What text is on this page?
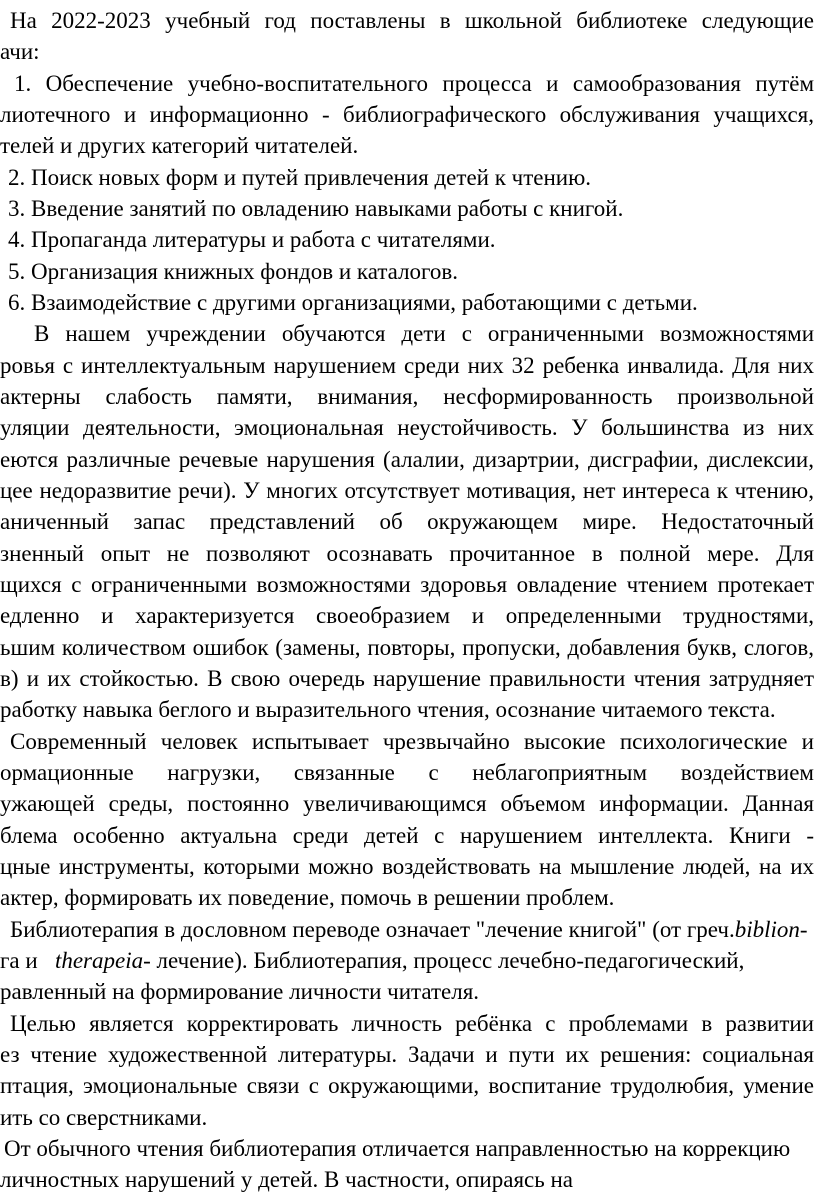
На 2022-2023 учебный год поставлены в школьной библиотеке следующие
ачи:
1. Обеспечение учебно-воспитательного процесса и самообразования путём
лиотечного и информационно - библиографического обслуживания учащихся,
телей и других категорий читателей.
2. Поиск новых форм и путей привлечения детей к чтению.
3. Введение занятий по овладению навыками работы с книгой.
4. Пропаганда литературы и работа с читателями.
5. Организация книжных фондов и каталогов.
6. Взаимодействие с другими организациями, работающими с детьми.
В нашем учреждении обучаются дети с ограниченными возможностями
ровья с интеллектуальным нарушением среди них 32 ребенка инвалида. Для них
актерны слабость памяти, внимания, несформированность произвольной
уляции деятельности, эмоциональная неустойчивость. У большинства из них
еются различные речевые нарушения (алалии, дизартрии, дисграфии, дислексии,
цее недоразвитие речи). У многих отсутствует мотивация, нет интереса к чтению,
аниченный запас представлений об окружающем мире. Недостаточный
зненный опыт не позволяют осознавать прочитанное в полной мере. Для
щихся с ограниченными возможностями здоровья овладение чтением протекает
едленно и характеризуется своеобразием и определенными трудностями,
ьшим количеством ошибок (замены, повторы, пропуски, добавления букв, слогов,
в) и их стойкостью. В свою очередь нарушение правильности чтения затрудняет
работку навыка беглого и выразительного чтения, осознание читаемого текста.
Современный человек испытывает чрезвычайно высокие психологические и
ормационные нагрузки, связанные с неблагоприятным воздействием
ужающей среды, постоянно увеличивающимся объемом информации. Данная
блема особенно актуальна среди детей с нарушением интеллекта. Книги -
цные инструменты, которыми можно воздействовать на мышление людей, на их
актер, формировать их поведение, помочь в решении проблем.
Библиотерапия в дословном переводе означает "лечение книгой" (от греч.biblion-
га и therapeia- лечение). Библиотерапия, процесс лечебно-педагогический,
равленный на формирование личности читателя.
Целью является корректировать личность ребёнка с проблемами в развитии
ез чтение художественной литературы. Задачи и пути их решения: социальная
птация, эмоциональные связи с окружающими, воспитание трудолюбия, умение
ить со сверстниками.
От обычного чтения библиотерапия отличается направленностью на коррекцию
личностных нарушений у детей. В частности, опираясь на
